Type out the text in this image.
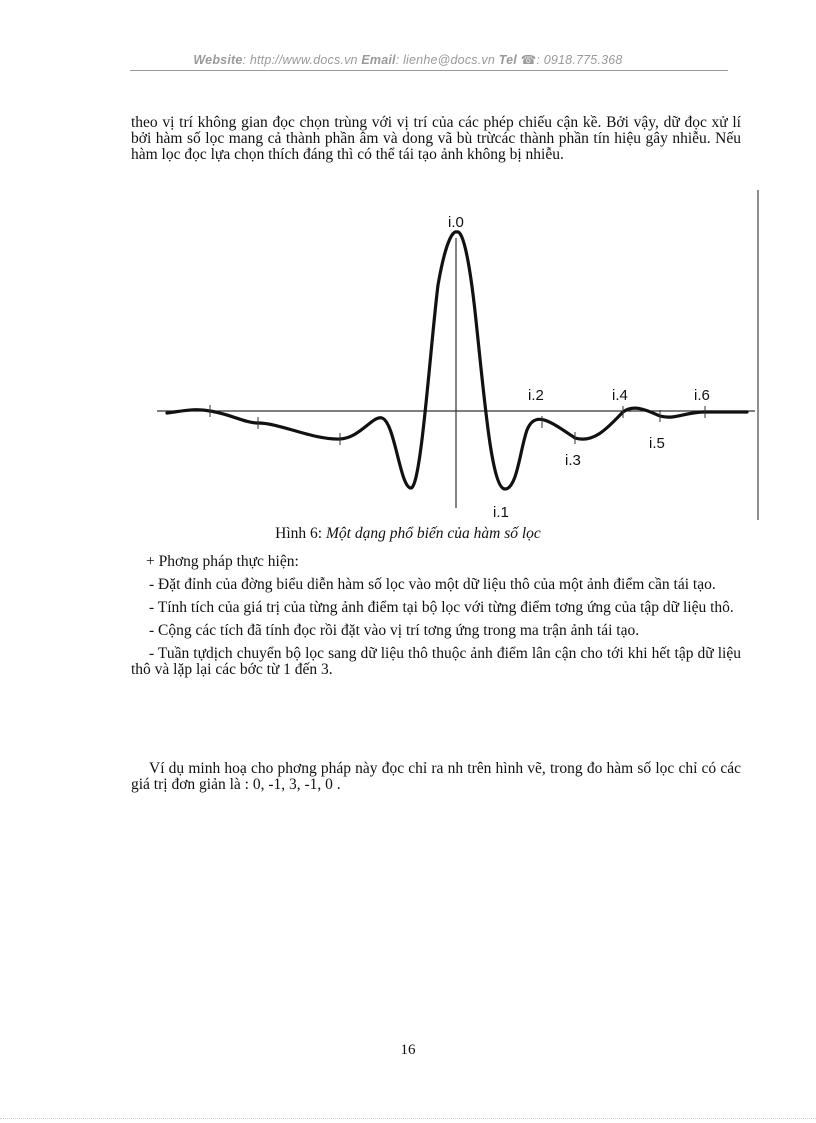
Website: http://www.docs.vn Email: lienhe@docs.vn Tel ☎: 0918.775.368

theo vị trí không gian đọc chọn trùng với vị trí của các phép chiếu cận kề. Bởi vậy, dữ đọc xử lí bởi hàm số lọc mang cả thành phần âm và dong vã bù trừcác thành phần tín hiệu gây nhiễu. Nếu hàm lọc đọc lựa chọn thích đáng thì có thể tái tạo ảnh không bị nhiễu.

i.0
i.1
i.2
i.3
i.4
i.5
i.6
Hình 6: Một dạng phổ biến của hàm số lọc

+ Phơng pháp thực hiện:

- Đặt đỉnh của đờng biểu diễn hàm số lọc vào một dữ liệu thô của một ảnh điểm cần tái tạo.

- Tính tích của giá trị của từng ảnh điểm tại bộ lọc với từng điểm tơng ứng của tập dữ liệu thô.

- Cộng các tích đã tính đọc rồi đặt vào vị trí tơng ứng trong ma trận ảnh tái tạo.

- Tuần tựdịch chuyển bộ lọc sang dữ liệu thô thuộc ảnh điểm lân cận cho tới khi hết tập dữ liệu thô và lặp lại các bớc từ 1 đến 3.

Ví dụ minh hoạ cho phơng pháp này đọc chỉ ra nh trên hình vẽ, trong đo hàm số lọc chỉ có các giá trị đơn giản là : 0, -1, 3, -1, 0 .

16
